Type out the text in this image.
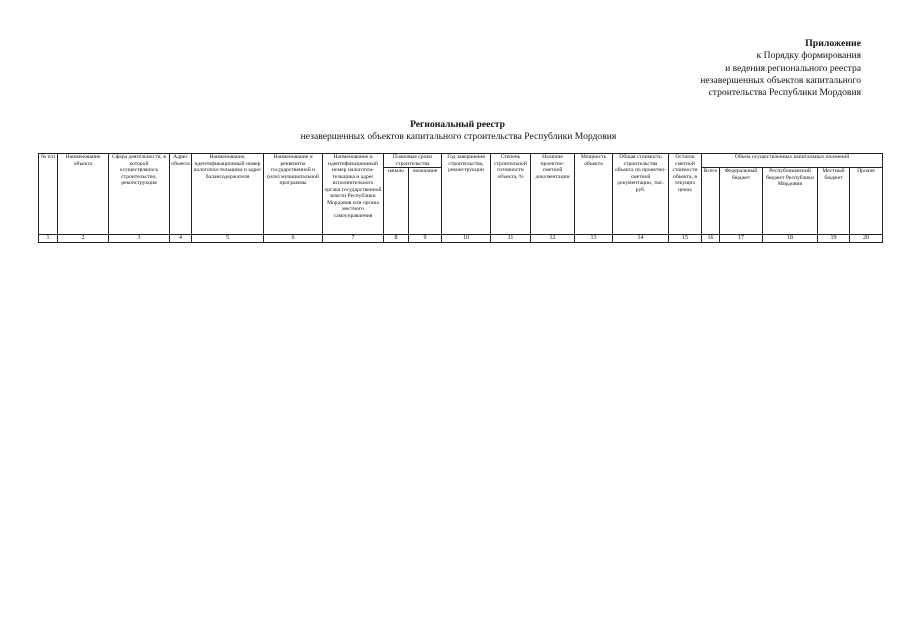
Приложение
к Порядку формирования
и ведения регионального реестра
незавершенных объектов капитального
строительства Республики Мордовия
Региональный реестр
незавершенных объектов капитального строительства Республики Мордовия
№ п/п	Наименование объекта	Сфера деятельности, в которой осуществлялось строительство, реконструкция	Адрес объекта	Наименование, идентификационный номер налогопла-тельщика и адрес балансодержателя	Наименование и реквизиты государственной и (или) муниципальной программы	Наименование и идентификационный номер налогопла-тельщика и адрес исполнительного органа государственной власти Республики Мордовия или органа местного самоуправления	Плановые сроки строительства		Год завершения строительства, реконструкции	Степень строительной готовности объекта, %	Наличие проектно-сметной документации	Мощность объекта	Общая стоимость строительства объекта по проектно-сметной документации, тыс. руб.	Остаток сметной стоимости объекта, в текущих ценах	Объем осуществленных капитальных вложений				
							начало	окончание							Всего	Федеральный бюджет	Республиканский бюджет Республики Мордовия	Местный бюджет	Прочие
1	2	3	4	5	6	7	8	9	10	11	12	13	14	15	16	17	18	19	20
